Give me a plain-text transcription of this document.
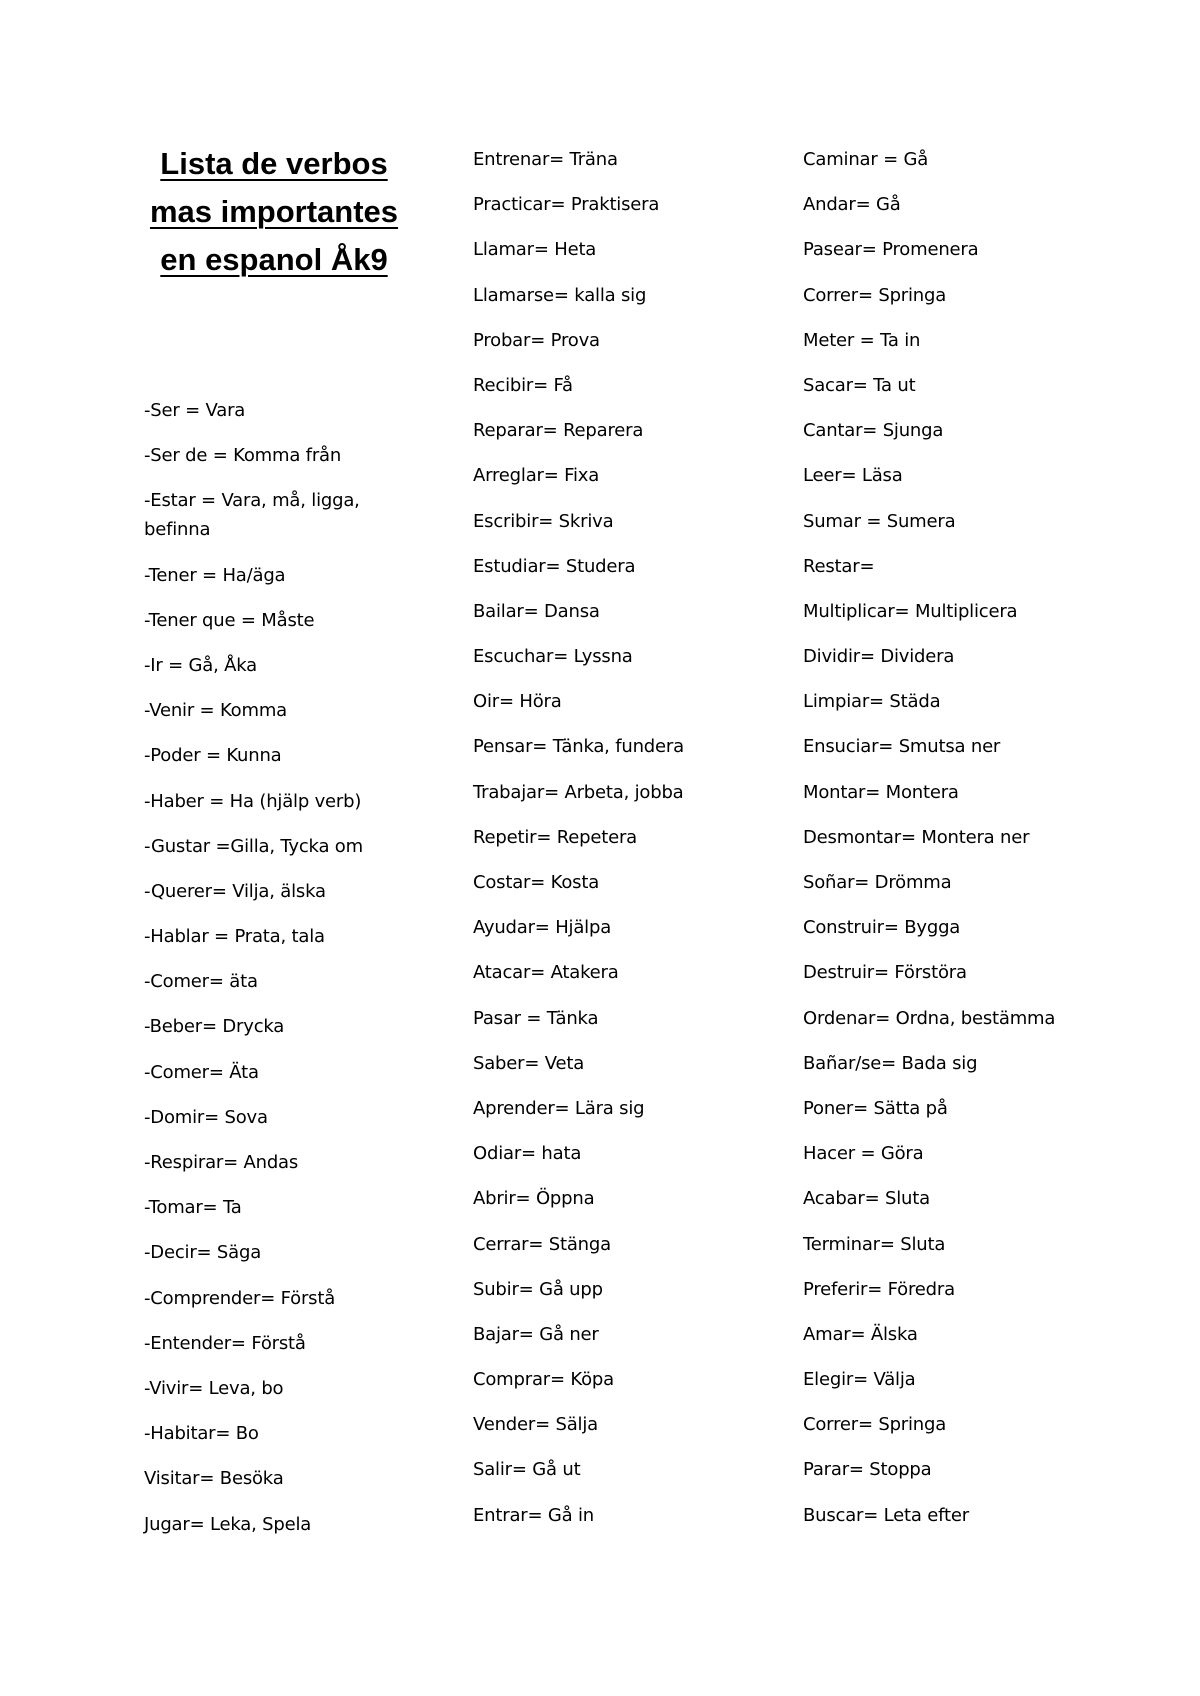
Lista de verbos
mas importantes
en espanol Åk9
-Ser = Vara
-Ser de = Komma från
-Estar = Vara, må, ligga, befinna
-Tener = Ha/äga
-Tener que = Måste
-Ir = Gå, Åka
-Venir = Komma
-Poder = Kunna
-Haber = Ha (hjälp verb)
-Gustar =Gilla, Tycka om
-Querer= Vilja, älska
-Hablar = Prata, tala
-Comer= äta
-Beber= Drycka
-Comer= Äta
-Domir= Sova
-Respirar= Andas
-Tomar= Ta
-Decir= Säga
-Comprender= Förstå
-Entender= Förstå
-Vivir= Leva, bo
-Habitar= Bo
Visitar= Besöka
Jugar= Leka, Spela
Entrenar= Träna
Practicar= Praktisera
Llamar= Heta
Llamarse= kalla sig
Probar= Prova
Recibir= Få
Reparar= Reparera
Arreglar= Fixa
Escribir= Skriva
Estudiar= Studera
Bailar= Dansa
Escuchar= Lyssna
Oir= Höra
Pensar= Tänka, fundera
Trabajar= Arbeta, jobba
Repetir= Repetera
Costar= Kosta
Ayudar= Hjälpa
Atacar= Atakera
Pasar = Tänka
Saber= Veta
Aprender= Lära sig
Odiar= hata
Abrir= Öppna
Cerrar= Stänga
Subir= Gå upp
Bajar= Gå ner
Comprar= Köpa
Vender= Sälja
Salir= Gå ut
Entrar= Gå in
Caminar = Gå
Andar= Gå
Pasear= Promenera
Correr= Springa
Meter = Ta in
Sacar= Ta ut
Cantar= Sjunga
Leer= Läsa
Sumar = Sumera
Restar=
Multiplicar= Multiplicera
Dividir= Dividera
Limpiar= Städa
Ensuciar= Smutsa ner
Montar= Montera
Desmontar= Montera ner
Soñar= Drömma
Construir= Bygga
Destruir= Förstöra
Ordenar= Ordna, bestämma
Bañar/se= Bada sig
Poner= Sätta på
Hacer = Göra
Acabar= Sluta
Terminar= Sluta
Preferir= Föredra
Amar= Älska
Elegir= Välja
Correr= Springa
Parar= Stoppa
Buscar= Leta efter
